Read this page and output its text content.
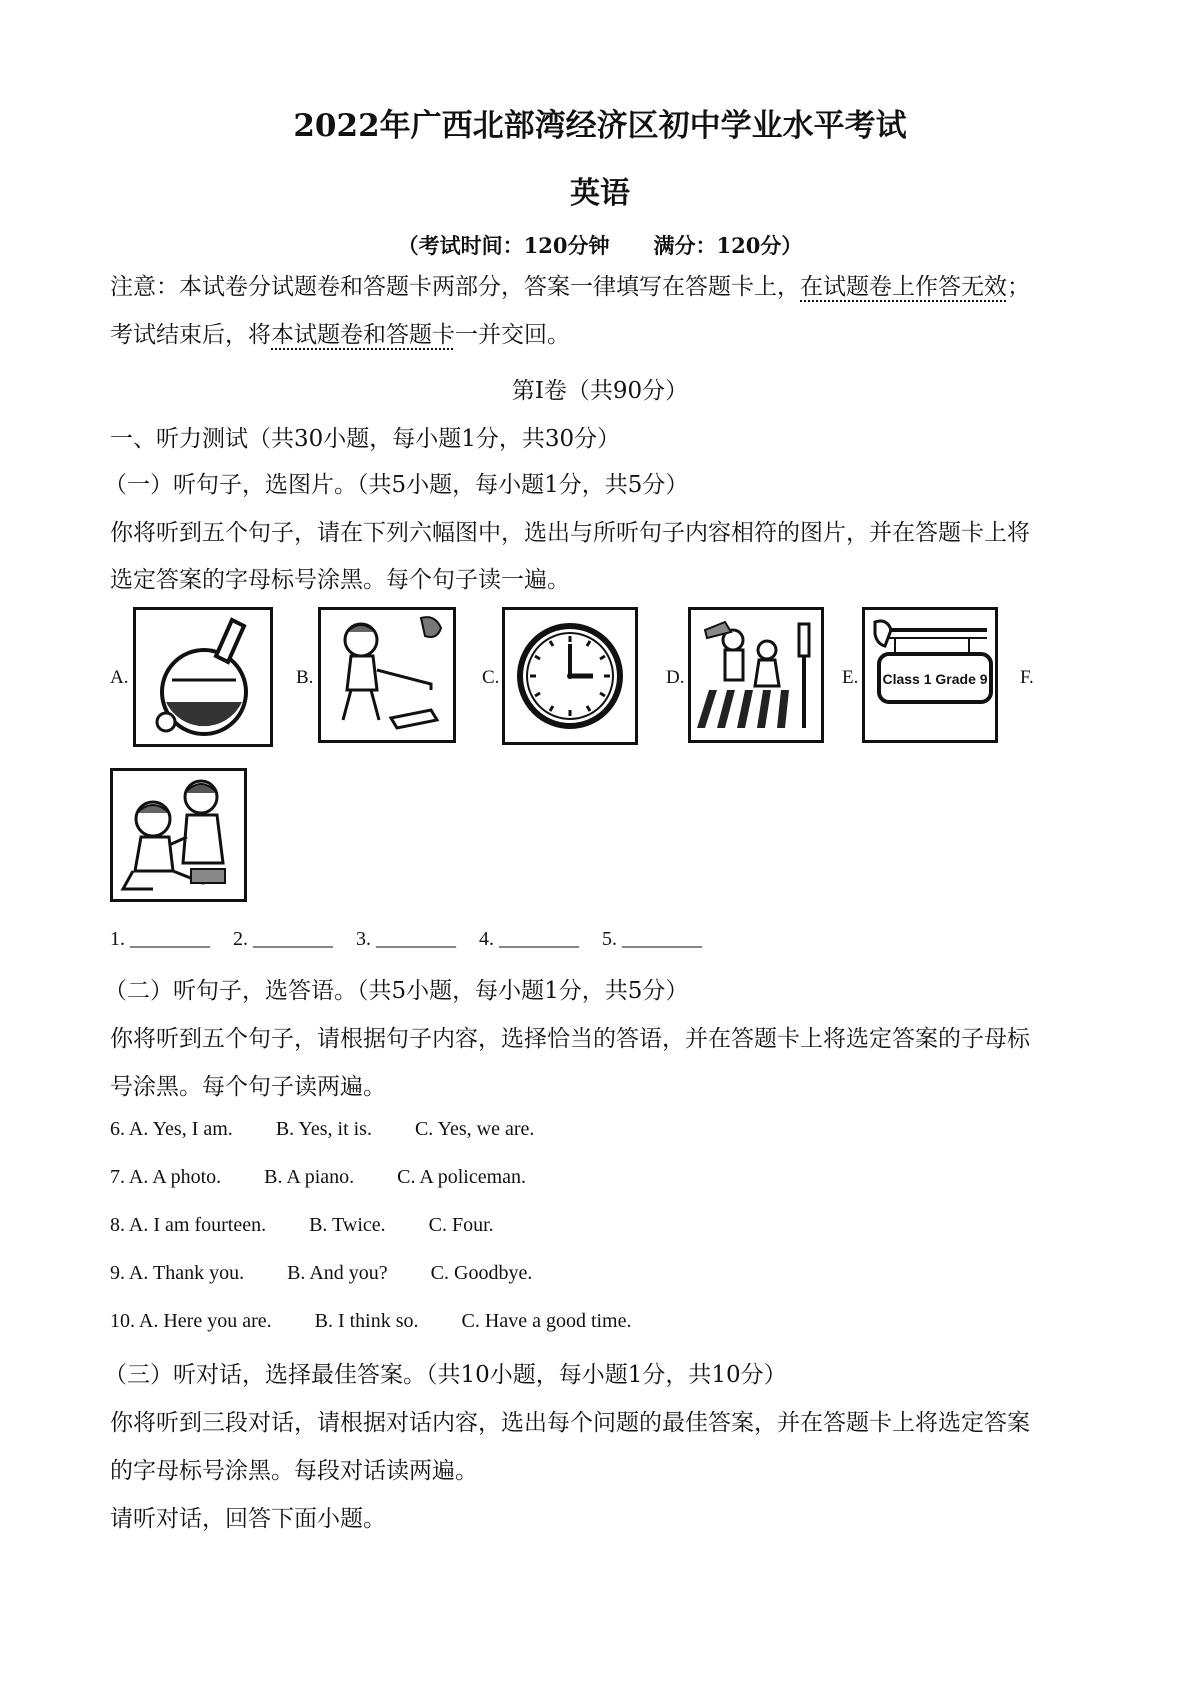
2022年广西北部湾经济区初中学业水平考试
英语
（考试时间：120分钟 满分：120分）
注意：本试卷分试题卷和答题卡两部分，答案一律填写在答题卡上，在试题卷上作答无效；
考试结束后，将本试题卷和答题卡一并交回。
第Ⅰ卷（共90分）
一、听力测试（共30小题，每小题1分，共30分）
（一）听句子，选图片。（共5小题，每小题1分，共5分）
你将听到五个句子，请在下列六幅图中，选出与所听句子内容相符的图片，并在答题卡上将
选定答案的字母标号涂黑。每个句子读一遍。
A.	B.	C.	D.	E. Class 1 Grade 9 F.
1. ________ 2. ________ 3. ________ 4. ________ 5. ________
（二）听句子，选答语。（共5小题，每小题1分，共5分）
你将听到五个句子，请根据句子内容，选择恰当的答语，并在答题卡上将选定答案的子母标
号涂黑。每个句子读两遍。
6. A. Yes, I am. B. Yes, it is. C. Yes, we are.
7. A. A photo. B. A piano. C. A policeman.
8. A. I am fourteen. B. Twice. C. Four.
9. A. Thank you. B. And you? C. Goodbye.
10. A. Here you are. B. I think so. C. Have a good time.
（三）听对话，选择最佳答案。（共10小题，每小题1分，共10分）
你将听到三段对话，请根据对话内容，选出每个问题的最佳答案，并在答题卡上将选定答案
的字母标号涂黑。每段对话读两遍。
请听对话，回答下面小题。
